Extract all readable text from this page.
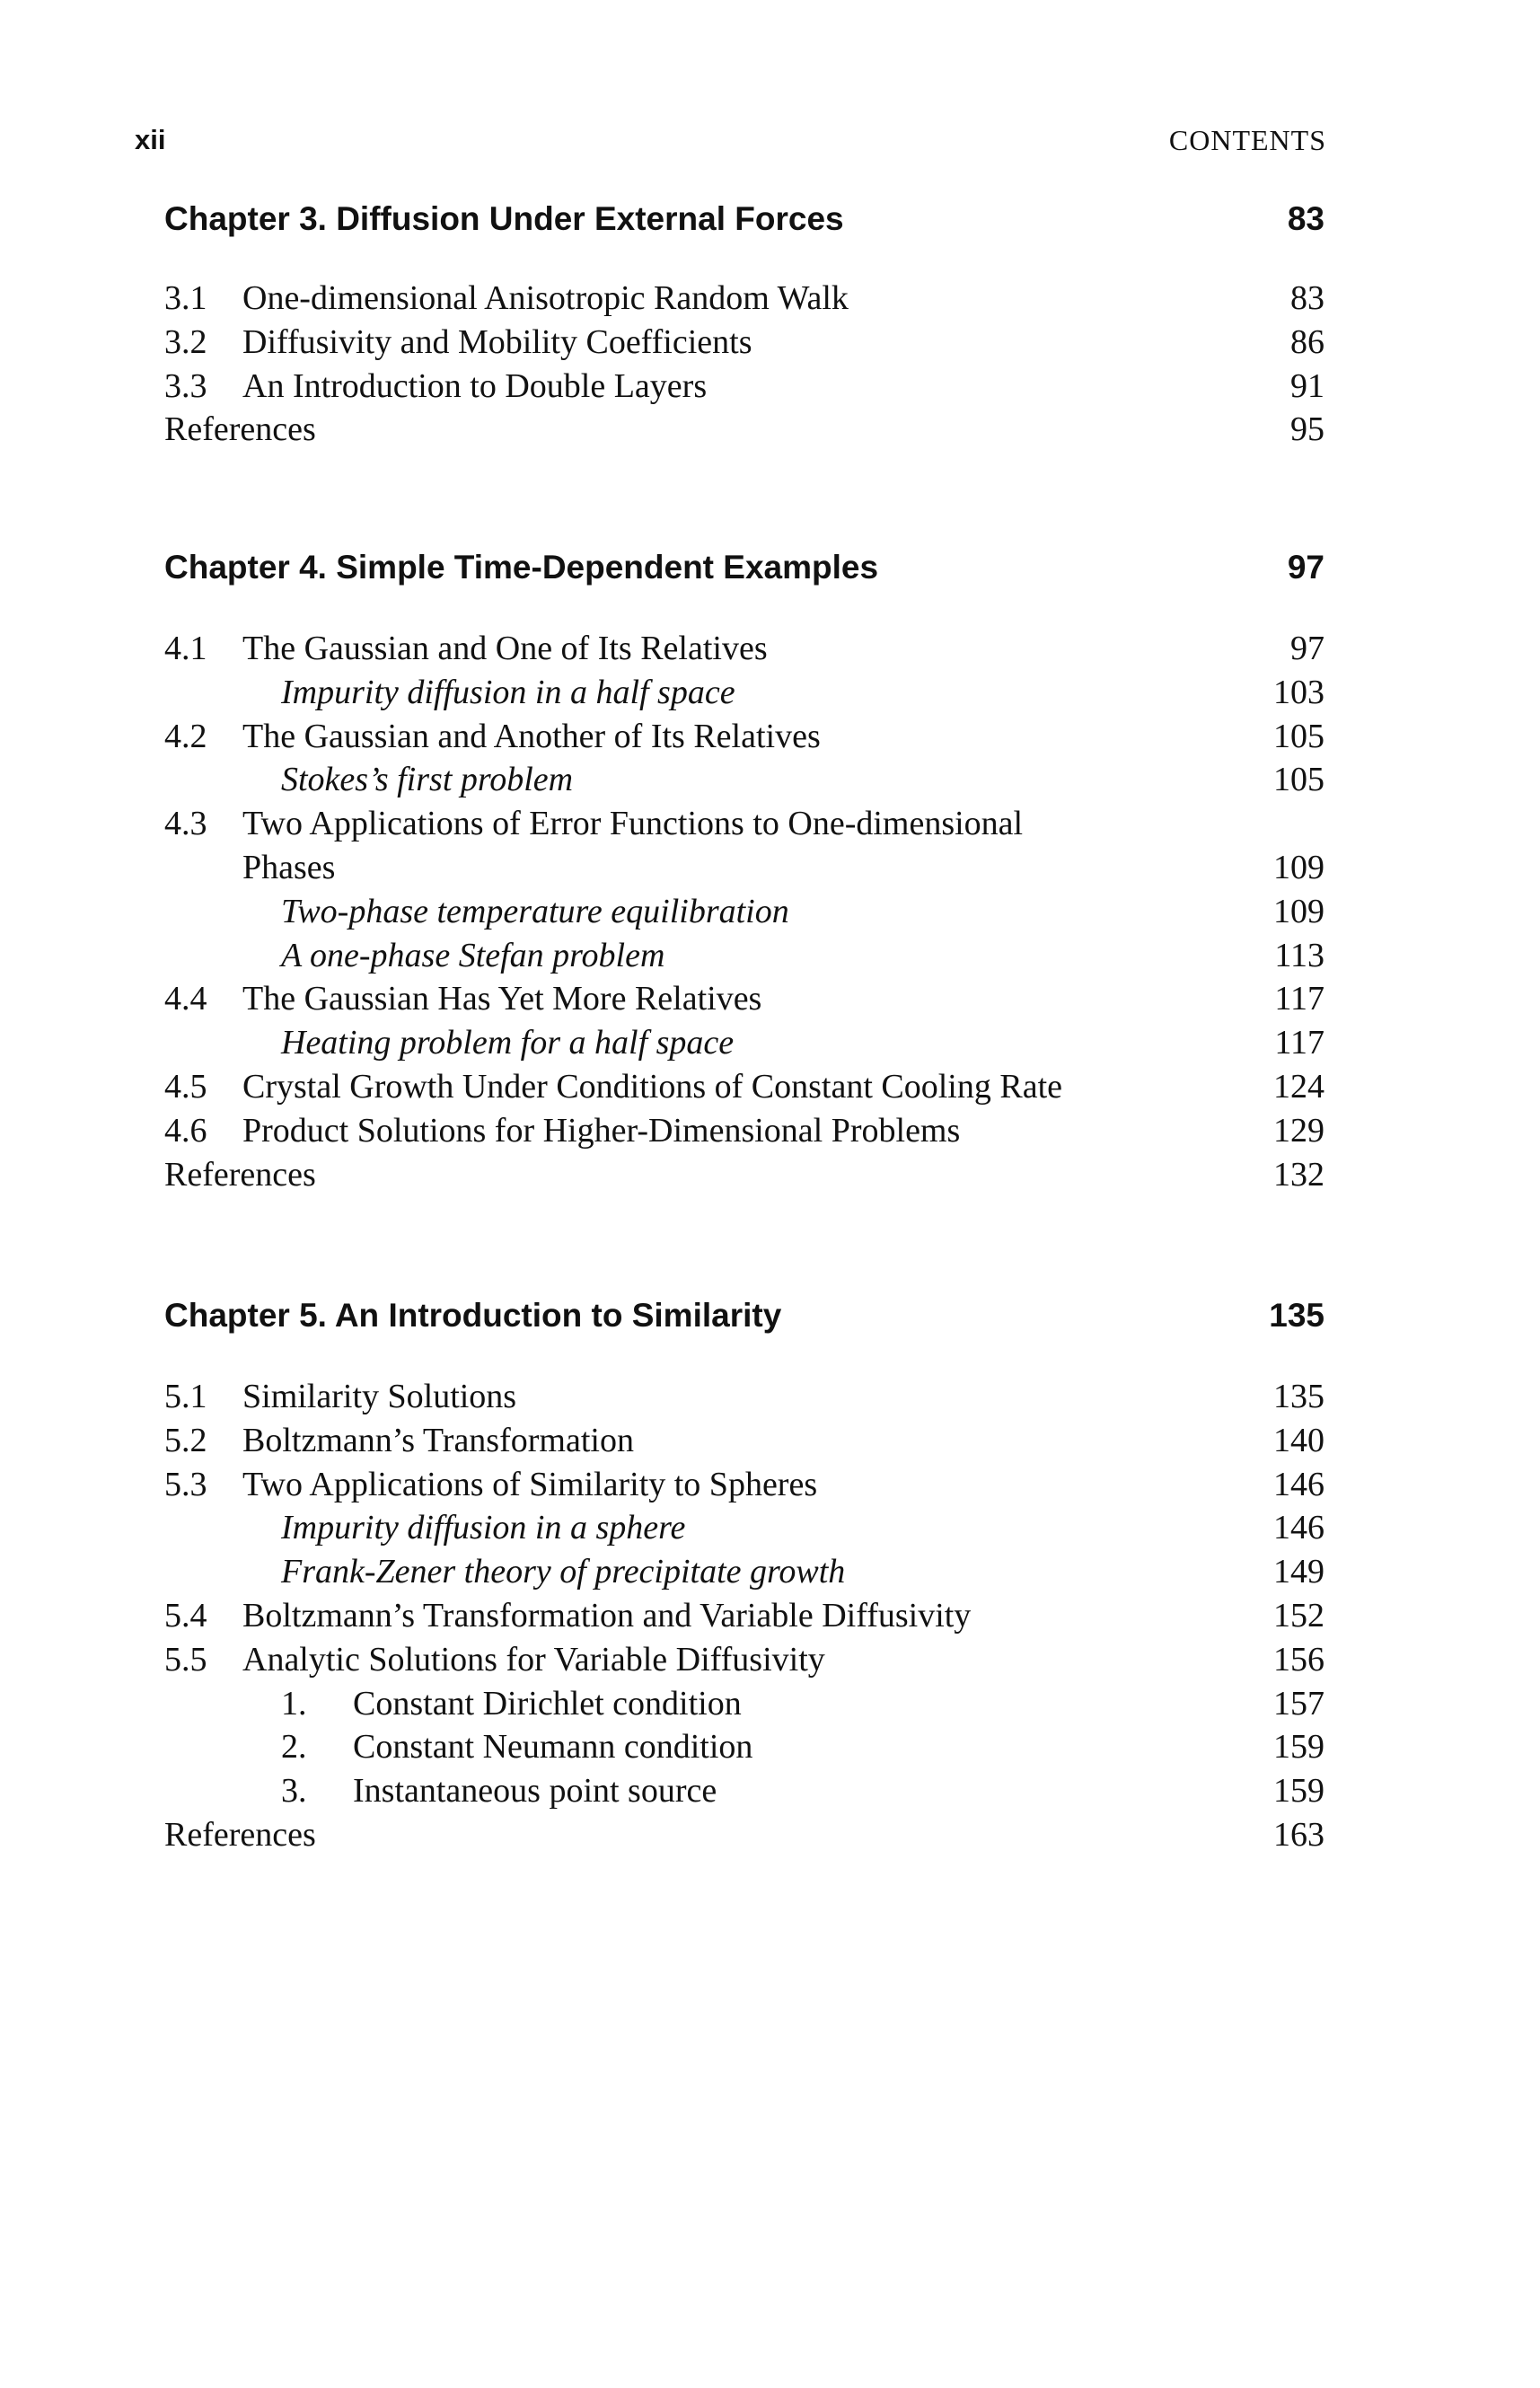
xii	CONTENTS
Chapter 3. Diffusion Under External Forces	83
3.1 One-dimensional Anisotropic Random Walk	83
3.2 Diffusivity and Mobility Coefficients	86
3.3 An Introduction to Double Layers	91
References	95
Chapter 4. Simple Time-Dependent Examples	97
4.1 The Gaussian and One of Its Relatives	97
Impurity diffusion in a half space	103
4.2 The Gaussian and Another of Its Relatives	105
Stokes’s first problem	105
4.3 Two Applications of Error Functions to One-dimensional
Phases	109
Two-phase temperature equilibration	109
A one-phase Stefan problem	113
4.4 The Gaussian Has Yet More Relatives	117
Heating problem for a half space	117
4.5 Crystal Growth Under Conditions of Constant Cooling Rate	124
4.6 Product Solutions for Higher-Dimensional Problems	129
References	132
Chapter 5. An Introduction to Similarity	135
5.1 Similarity Solutions	135
5.2 Boltzmann’s Transformation	140
5.3 Two Applications of Similarity to Spheres	146
Impurity diffusion in a sphere	146
Frank-Zener theory of precipitate growth	149
5.4 Boltzmann’s Transformation and Variable Diffusivity	152
5.5 Analytic Solutions for Variable Diffusivity	156
1. Constant Dirichlet condition	157
2. Constant Neumann condition	159
3. Instantaneous point source	159
References	163
